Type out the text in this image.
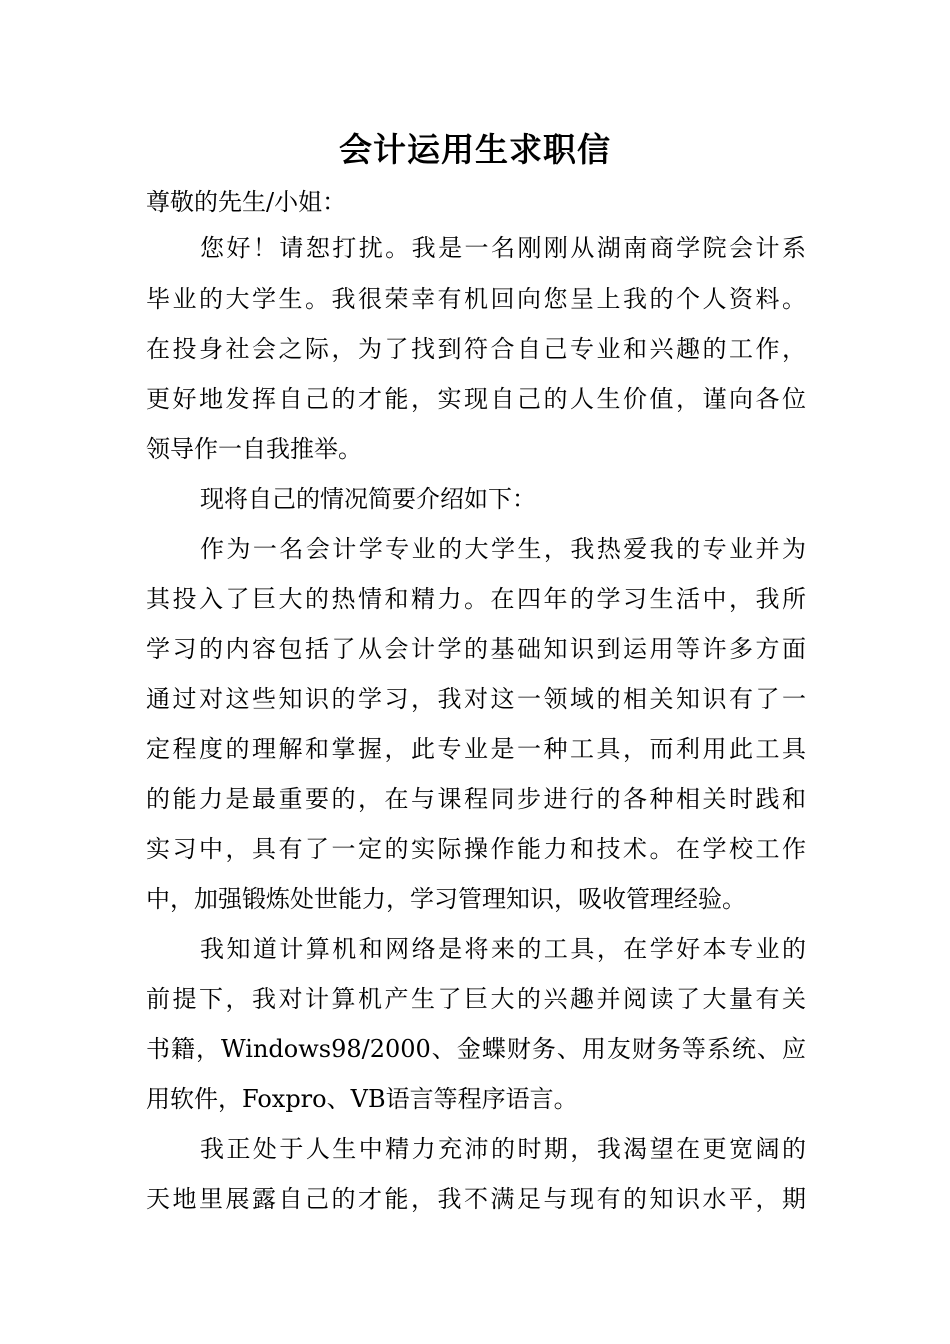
会计运用生求职信

尊敬的先生/小姐：

您好！请恕打扰。我是一名刚刚从湖南商学院会计系

毕业的大学生。我很荣幸有机回向您呈上我的个人资料。

在投身社会之际，为了找到符合自己专业和兴趣的工作，

更好地发挥自己的才能，实现自己的人生价值，谨向各位

领导作一自我推举。

现将自己的情况简要介绍如下：

作为一名会计学专业的大学生，我热爱我的专业并为

其投入了巨大的热情和精力。在四年的学习生活中，我所

学习的内容包括了从会计学的基础知识到运用等许多方面

通过对这些知识的学习，我对这一领域的相关知识有了一

定程度的理解和掌握，此专业是一种工具，而利用此工具

的能力是最重要的，在与课程同步进行的各种相关时践和

实习中，具有了一定的实际操作能力和技术。在学校工作

中，加强锻炼处世能力，学习管理知识，吸收管理经验。

我知道计算机和网络是将来的工具，在学好本专业的

前提下，我对计算机产生了巨大的兴趣并阅读了大量有关

书籍，Windows98/2000、金蝶财务、用友财务等系统、应

用软件，Foxpro、VB语言等程序语言。

我正处于人生中精力充沛的时期，我渴望在更宽阔的

天地里展露自己的才能，我不满足与现有的知识水平，期
